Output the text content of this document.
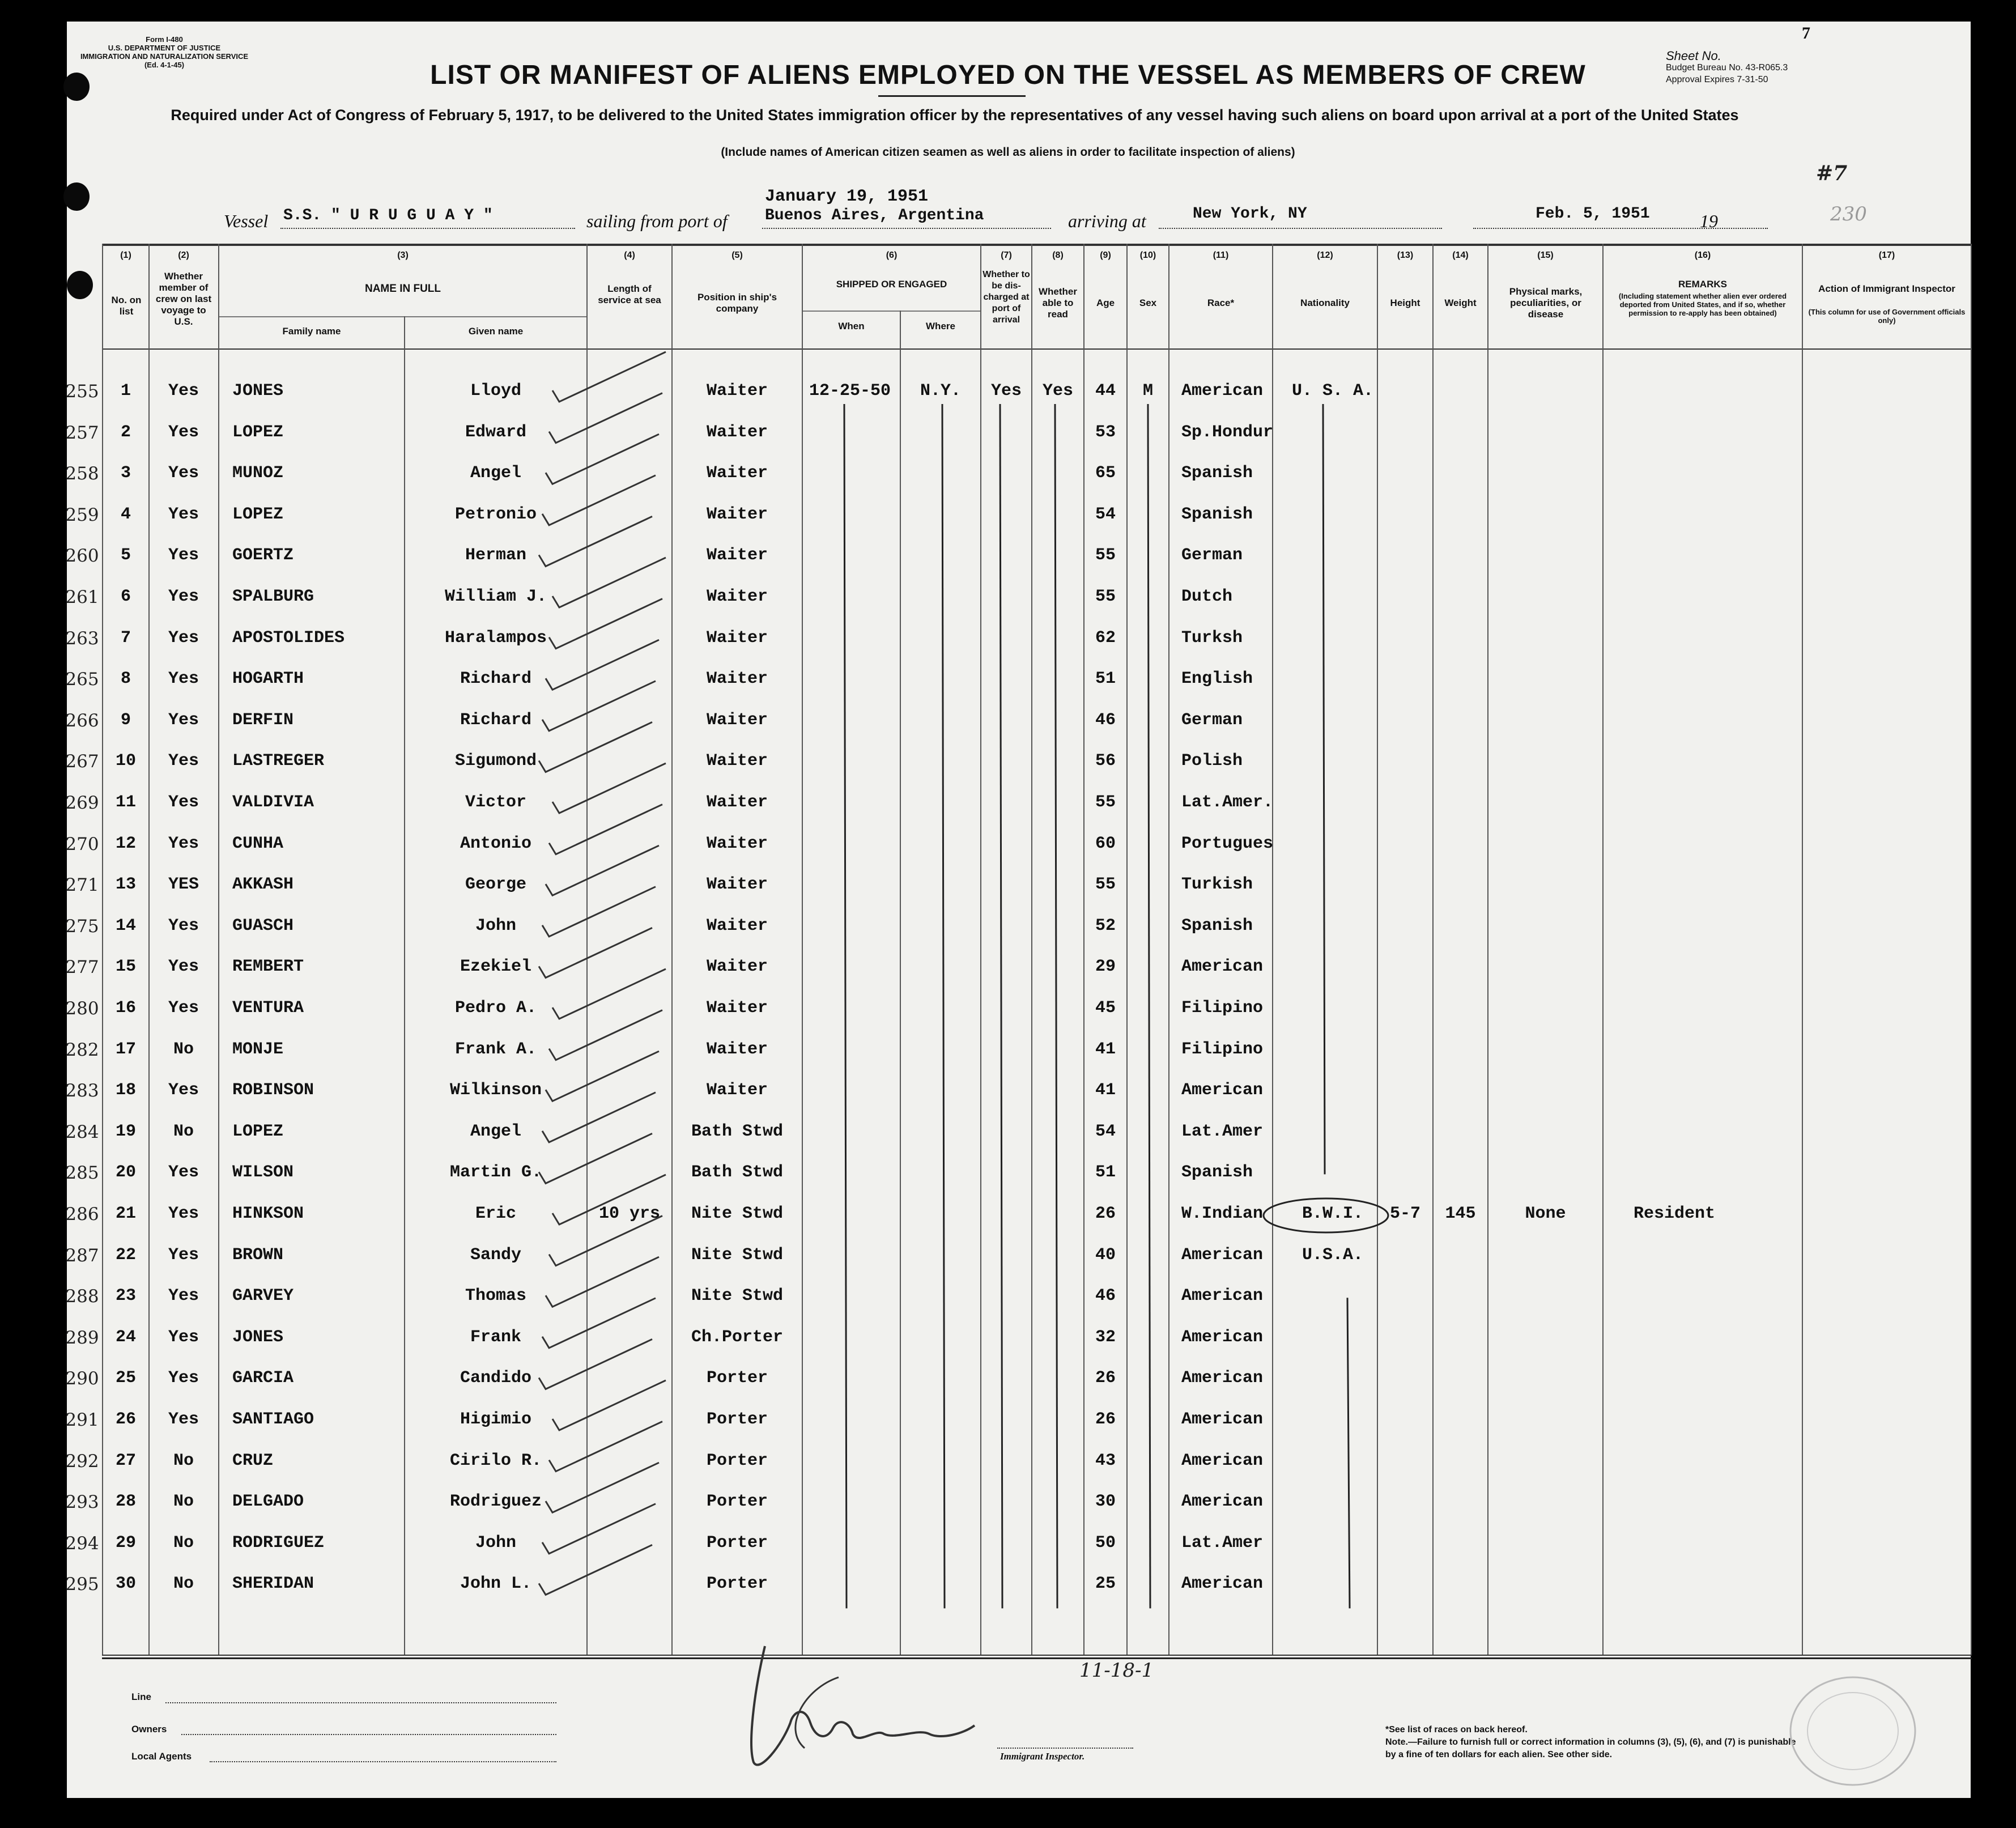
Form I-480
U.S. DEPARTMENT OF JUSTICE
IMMIGRATION AND NATURALIZATION SERVICE
(Ed. 4-1-45)
7
Sheet No.
Budget Bureau No. 43-R065.3
Approval Expires 7-31-50
#7
230
LIST OR MANIFEST OF ALIENS EMPLOYED ON THE VESSEL AS MEMBERS OF CREW
Required under Act of Congress of February 5, 1917, to be delivered to the United States immigration officer by the representatives of any vessel having such aliens on board upon arrival at a port of the United States
(Include names of American citizen seamen as well as aliens in order to facilitate inspection of aliens)
Vessel S.S. " U R U G U A Y "	sailing from port of
January 19, 1951
Buenos Aires, Argentina	arriving at	New York, NY	Feb. 5, 1951	19
(1)
No. on list
(2)
Whether member of crew on last voyage to U.S.
(3)
NAME IN FULL
Family name	Given name
(4)
Length of service at sea
(5)
Position in ship's company
(6)
SHIPPED OR ENGAGED
When	Where
(7)
Whether to be dis-charged at port of arrival
(8)
Whether able to read
(9)
Age
(10)
Sex
(11)
Race*
(12)
Nationality
(13)
Height
(14)
Weight
(15)
Physical marks, peculiarities, or disease
(16)
REMARKS
(Including statement whether alien ever ordered deported from United States, and if so, whether permission to re-apply has been obtained)
(17)
Action of Immigrant Inspector
(This column for use of Government officials only)
255	1	Yes	JONES	Lloyd	Waiter	12-25-50	N.Y.	Yes	Yes	44	M	American	U. S. A.
257	2	Yes	LOPEZ	Edward	Waiter	53	Sp.Hondur
258	3	Yes	MUNOZ	Angel	Waiter	65	Spanish
259	4	Yes	LOPEZ	Petronio	Waiter	54	Spanish
260	5	Yes	GOERTZ	Herman	Waiter	55	German
261	6	Yes	SPALBURG	William J.	Waiter	55	Dutch
263	7	Yes	APOSTOLIDES	Haralampos	Waiter	62	Turksh
265	8	Yes	HOGARTH	Richard	Waiter	51	English
266	9	Yes	DERFIN	Richard	Waiter	46	German
267 10	Yes	LASTREGER	Sigumond	Waiter	56	Polish
269 11	Yes	VALDIVIA	Victor	Waiter	55	Lat.Amer.
270 12	Yes	CUNHA	Antonio	Waiter	60	Portugues
271 13	YES	AKKASH	George	Waiter	55	Turkish
275 14	Yes	GUASCH	John	Waiter	52	Spanish
277 15	Yes	REMBERT	Ezekiel	Waiter	29	American
280 16	Yes	VENTURA	Pedro A.	Waiter	45	Filipino
282 17	No	MONJE	Frank A.	Waiter	41	Filipino
283 18	Yes	ROBINSON	Wilkinson	Waiter	41	American
284 19	No	LOPEZ	Angel	Bath Stwd	54	Lat.Amer
285 20	Yes	WILSON	Martin G.	Bath Stwd	51	Spanish
286 21	Yes	HINKSON	Eric	10 yrs	Nite Stwd	26	W.Indian	B.W.I.	5-7	145	None	Resident
287 22	Yes	BROWN	Sandy	Nite Stwd	40	American	U.S.A.
288 23	Yes	GARVEY	Thomas	Nite Stwd	46	American
289 24	Yes	JONES	Frank	Ch.Porter	32	American
290 25	Yes	GARCIA	Candido	Porter	26	American
291 26	Yes	SANTIAGO	Higimio	Porter	26	American
292 27	No	CRUZ	Cirilo R.	Porter	43	American
293 28	No	DELGADO	Rodriguez	Porter	30	American
294 29	No	RODRIGUEZ	John	Porter	50	Lat.Amer
295 30	No	SHERIDAN	John L.	Porter	25	American
Line
Owners
Local Agents
11-18-1
Immigrant Inspector.
*See list of races on back hereof.
Note.—Failure to furnish full or correct information in columns (3), (5), (6), and (7) is punishable by a fine of ten dollars for each alien. See other side.
